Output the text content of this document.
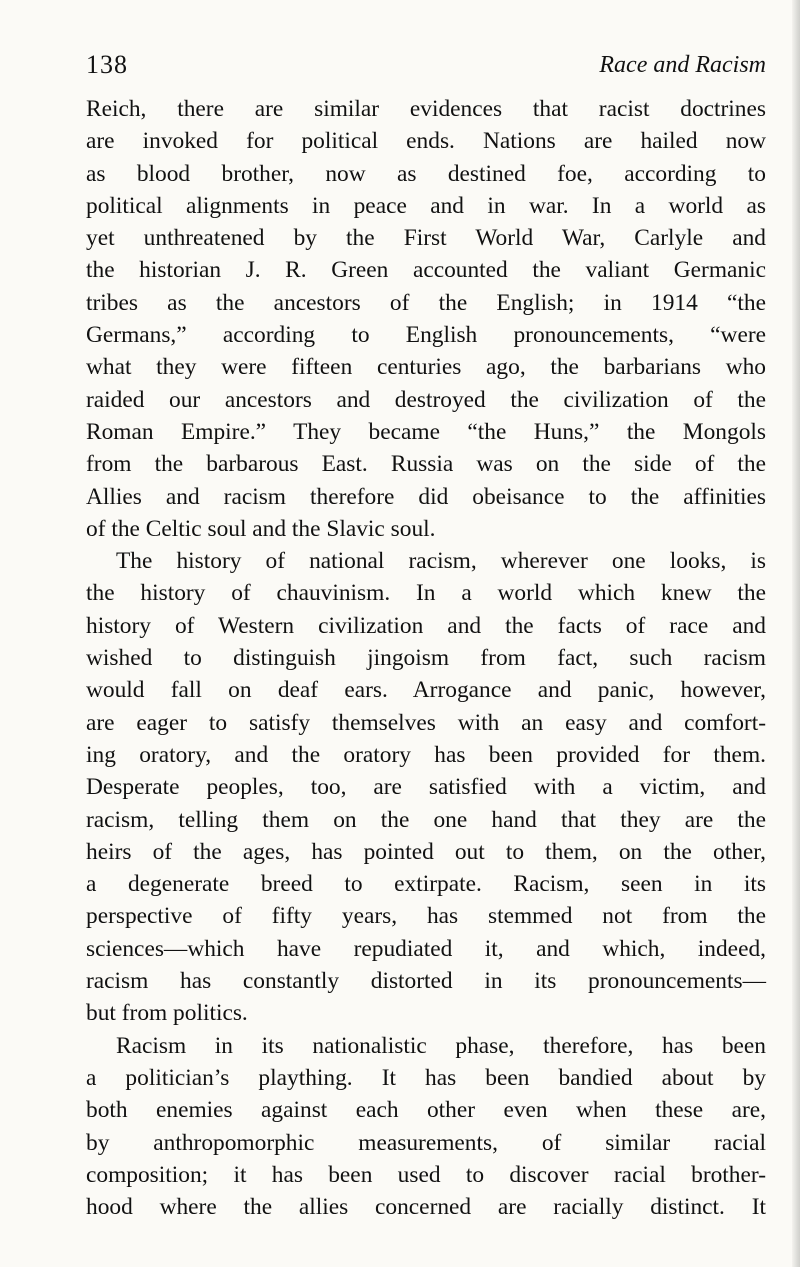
138	Race and Racism
Reich, there are similar evidences that racist doctrines
are invoked for political ends. Nations are hailed now
as blood brother, now as destined foe, according to
political alignments in peace and in war. In a world as
yet unthreatened by the First World War, Carlyle and
the historian J. R. Green accounted the valiant Germanic
tribes as the ancestors of the English; in 1914 “the
Germans,” according to English pronouncements, “were
what they were fifteen centuries ago, the barbarians who
raided our ancestors and destroyed the civilization of the
Roman Empire.” They became “the Huns,” the Mongols
from the barbarous East. Russia was on the side of the
Allies and racism therefore did obeisance to the affinities
of the Celtic soul and the Slavic soul.
The history of national racism, wherever one looks, is
the history of chauvinism. In a world which knew the
history of Western civilization and the facts of race and
wished to distinguish jingoism from fact, such racism
would fall on deaf ears. Arrogance and panic, however,
are eager to satisfy themselves with an easy and comfort-
ing oratory, and the oratory has been provided for them.
Desperate peoples, too, are satisfied with a victim, and
racism, telling them on the one hand that they are the
heirs of the ages, has pointed out to them, on the other,
a degenerate breed to extirpate. Racism, seen in its
perspective of fifty years, has stemmed not from the
sciences—which have repudiated it, and which, indeed,
racism has constantly distorted in its pronouncements—
but from politics.
Racism in its nationalistic phase, therefore, has been
a politician’s plaything. It has been bandied about by
both enemies against each other even when these are,
by anthropomorphic measurements, of similar racial
composition; it has been used to discover racial brother-
hood where the allies concerned are racially distinct. It
